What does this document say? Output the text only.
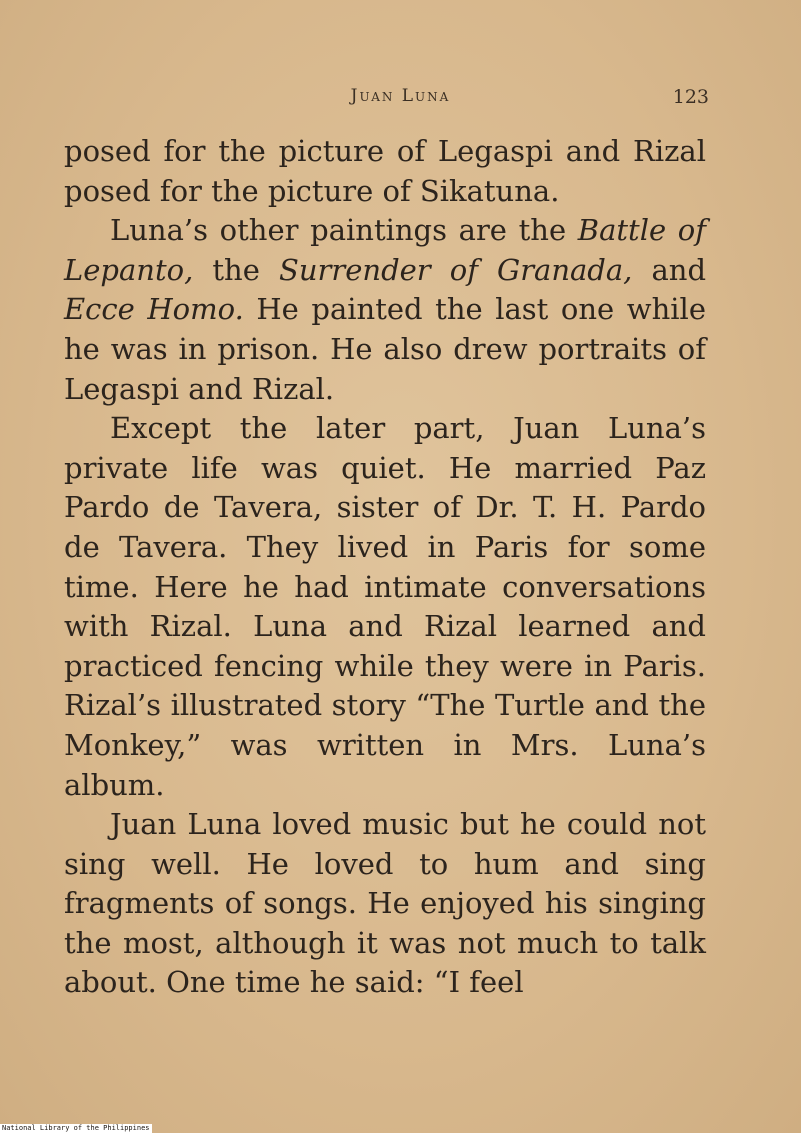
Juan Luna	123

posed for the picture of Legaspi and Rizal posed for the picture of Sikatuna.

Luna’s other paintings are the Battle of Lepanto, the Surrender of Granada, and Ecce Homo. He painted the last one while he was in prison. He also drew portraits of Legaspi and Rizal.

Except the later part, Juan Luna’s private life was quiet. He married Paz Pardo de Tavera, sister of Dr. T. H. Pardo de Tavera. They lived in Paris for some time. Here he had intimate conversations with Rizal. Luna and Rizal learned and practiced fencing while they were in Paris. Rizal’s illustrated story “The Turtle and the Monkey,” was written in Mrs. Luna’s album.

Juan Luna loved music but he could not sing well. He loved to hum and sing fragments of songs. He enjoyed his singing the most, although it was not much to talk about. One time he said: “I feel

National Library of the Philippines
